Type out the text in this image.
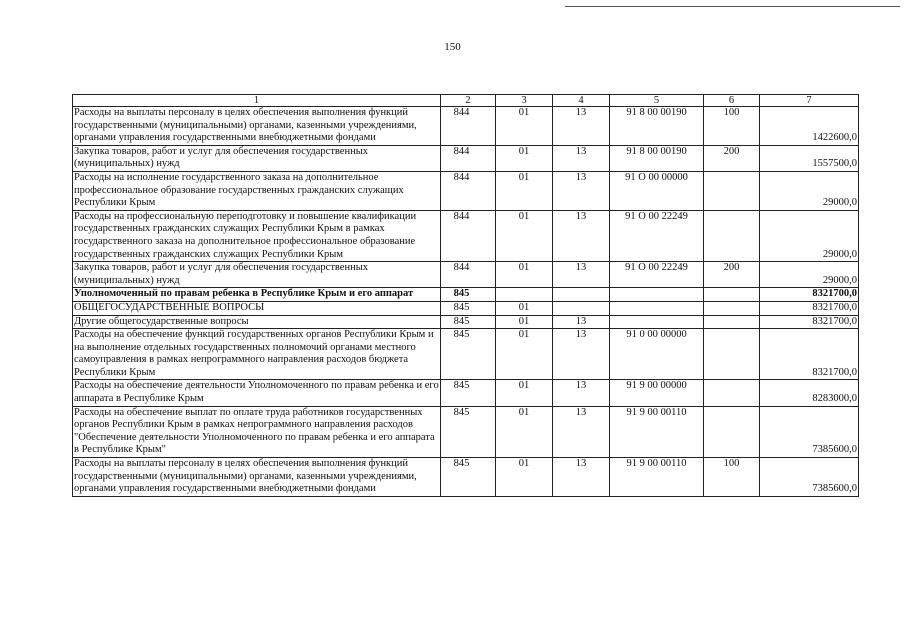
150
1	2	3	4	5	6	7
Расходы на выплаты персоналу в целях обеспечения выполнения функций государственными (муниципальными) органами, казенными учреждениями, органами управления государственными внебюджетными фондами	844	01	13	91 8 00 00190	100	1422600,0
Закупка товаров, работ и услуг для обеспечения государственных (муниципальных) нужд	844	01	13	91 8 00 00190	200	1557500,0
Расходы на исполнение государственного заказа на дополнительное профессиональное образование государственных гражданских служащих Республики Крым	844	01	13	91 О 00 00000		29000,0
Расходы на профессиональную переподготовку и повышение квалификации государственных гражданских служащих Республики Крым в рамках государственного заказа на дополнительное профессиональное образование государственных гражданских служащих Республики Крым	844	01	13	91 О 00 22249		29000,0
Закупка товаров, работ и услуг для обеспечения государственных (муниципальных) нужд	844	01	13	91 О 00 22249	200	29000,0
Уполномоченный по правам ребенка в Республике Крым и его аппарат	845					8321700,0
ОБЩЕГОСУДАРСТВЕННЫЕ ВОПРОСЫ	845	01				8321700,0
Другие общегосударственные вопросы	845	01	13			8321700,0
Расходы на обеспечение функций государственных органов Республики Крым и на выполнение отдельных государственных полномочий органами местного самоуправления в рамках непрограммного направления расходов бюджета Республики Крым	845	01	13	91 0 00 00000		8321700,0
Расходы на обеспечение деятельности Уполномоченного по правам ребенка и его аппарата в Республике Крым	845	01	13	91 9 00 00000		8283000,0
Расходы на обеспечение выплат по оплате труда работников государственных органов Республики Крым в рамках непрограммного направления расходов "Обеспечение деятельности Уполномоченного по правам ребенка и его аппарата в Республике Крым"	845	01	13	91 9 00 00110		7385600,0
Расходы на выплаты персоналу в целях обеспечения выполнения функций государственными (муниципальными) органами, казенными учреждениями, органами управления государственными внебюджетными фондами	845	01	13	91 9 00 00110	100	7385600,0
